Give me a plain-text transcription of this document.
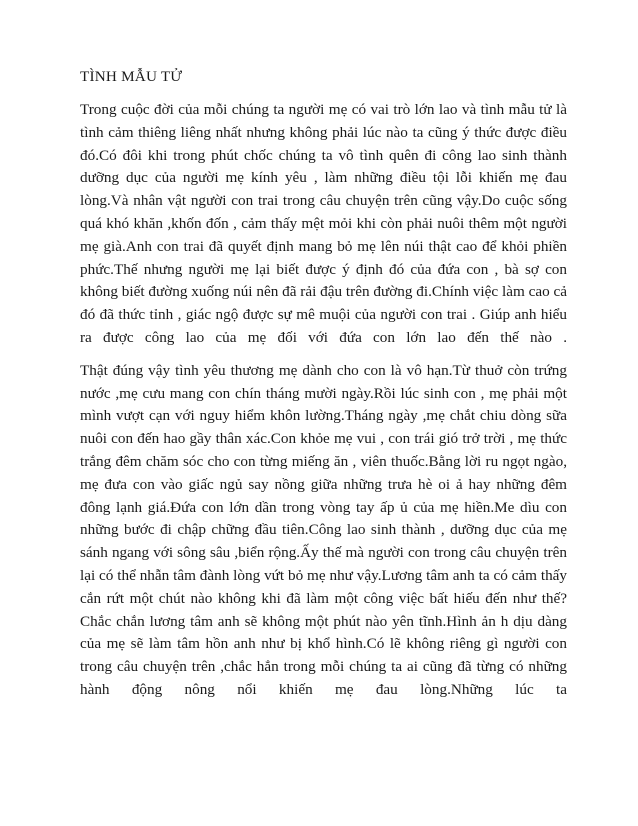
TÌNH MẪU TỬ

Trong cuộc đời của mỗi chúng ta người mẹ có vai trò lớn lao và tình mẫu tử là tình cảm thiêng liêng nhất nhưng không phải lúc nào ta cũng ý thức được điều đó.Có đôi khi trong phút chốc chúng ta vô tình quên đi công lao sinh thành dưỡng dục của người mẹ kính yêu , làm những điều tội lỗi khiến mẹ đau lòng.Và nhân vật người con trai trong câu chuyện trên cũng vậy.Do cuộc sống quá khó khăn ,khốn đốn , cảm thấy mệt mỏi khi còn phải nuôi thêm một người mẹ già.Anh con trai đã quyết định mang bỏ mẹ lên núi thật cao để khỏi phiền phức.Thế nhưng người mẹ lại biết được ý định đó của đứa con , bà sợ con không biết đường xuống núi nên đã rải đậu trên đường đi.Chính việc làm cao cả đó đã thức tỉnh , giác ngộ được sự mê muội của người con trai . Giúp anh hiểu ra được công lao của mẹ đối với đứa con lớn lao đến thế nào .

Thật đúng vậy tình yêu thương mẹ dành cho con là vô hạn.Từ thuở còn trứng nước ,mẹ cưu mang con chín tháng mười ngày.Rồi lúc sinh con , mẹ phải một mình vượt cạn với nguy hiểm khôn lường.Tháng ngày ,mẹ chắt chiu dòng sữa nuôi con đến hao gầy thân xác.Con khỏe mẹ vui , con trái gió trở trời , mẹ thức trắng đêm chăm sóc cho con từng miếng ăn , viên thuốc.Bằng lời ru ngọt ngào, mẹ đưa con vào giấc ngủ say nồng giữa những trưa hè oi ả hay những đêm đông lạnh giá.Đứa con lớn dần trong vòng tay ấp ủ của mẹ hiền.Me dìu con những bước đi chập chững đầu tiên.Công lao sinh thành , dưỡng dục của mẹ sánh ngang với sông sâu ,biển rộng.Ấy thế mà người con trong câu chuyện trên lại có thể nhẫn tâm đành lòng vứt bỏ mẹ như vậy.Lương tâm anh ta có cảm thấy cắn rứt một chút nào không khi đã làm một công việc bất hiếu đến như thế?Chắc chắn lương tâm anh sẽ không một phút nào yên tĩnh.Hình ản h dịu dàng của mẹ sẽ làm tâm hồn anh như bị khổ hình.Có lẽ không riêng gì người con trong câu chuyện trên ,chắc hẳn trong mỗi chúng ta ai cũng đã từng có những hành động nông nổi khiến mẹ đau lòng.Những lúc ta
